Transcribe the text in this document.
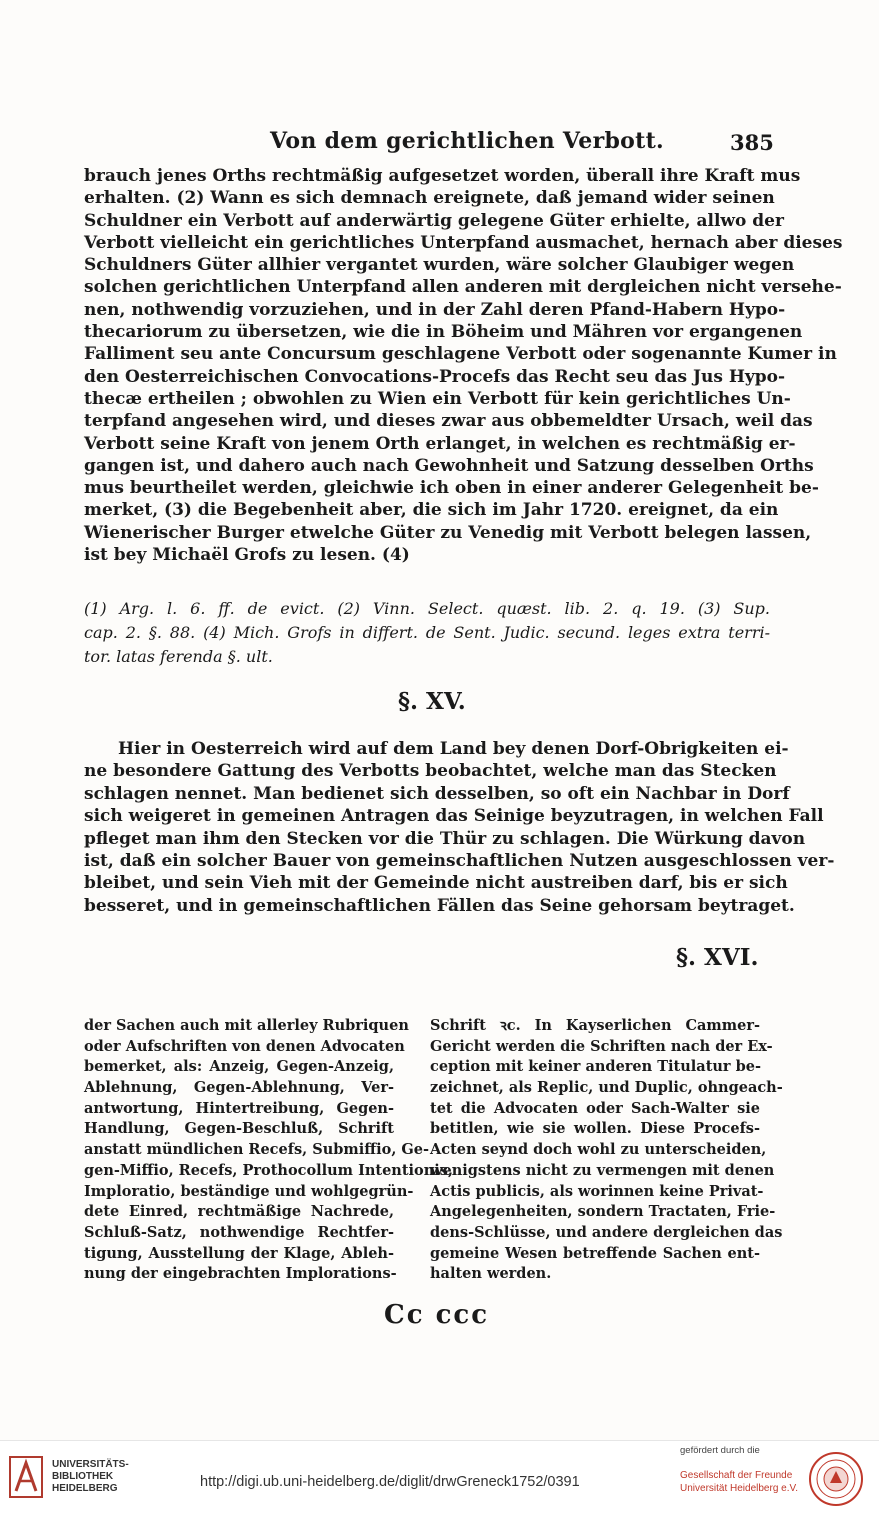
Von dem gerichtlichen Verbott.	385
brauch jenes Orths rechtmäßig aufgesetzet worden, überall ihre Kraft mus
erhalten. (2) Wann es sich demnach ereignete, daß jemand wider seinen
Schuldner ein Verbott auf anderwärtig gelegene Güter erhielte, allwo der
Verbott vielleicht ein gerichtliches Unterpfand ausmachet, hernach aber dieses
Schuldners Güter allhier vergantet wurden, wäre solcher Glaubiger wegen
solchen gerichtlichen Unterpfand allen anderen mit dergleichen nicht versehe-
nen, nothwendig vorzuziehen, und in der Zahl deren Pfand-Habern Hypo-
thecariorum zu übersetzen, wie die in Böheim und Mähren vor ergangenen
Falliment seu ante Concursum geschlagene Verbott oder sogenannte Kumer in
den Oesterreichischen Convocations-Procefs das Recht seu das Jus Hypo-
thecæ ertheilen ; obwohlen zu Wien ein Verbott für kein gerichtliches Un-
terpfand angesehen wird, und dieses zwar aus obbemeldter Ursach, weil das
Verbott seine Kraft von jenem Orth erlanget, in welchen es rechtmäßig er-
gangen ist, und dahero auch nach Gewohnheit und Satzung desselben Orths
mus beurtheilet werden, gleichwie ich oben in einer anderer Gelegenheit be-
merket, (3) die Begebenheit aber, die sich im Jahr 1720. ereignet, da ein
Wienerischer Burger etwelche Güter zu Venedig mit Verbott belegen lassen,
ist bey Michaël Grofs zu lesen. (4)
(1) Arg. l. 6. ff. de evict. (2) Vinn. Select. quæst. lib. 2. q. 19. (3) Sup.
cap. 2. §. 88. (4) Mich. Grofs in differt. de Sent. Judic. secund. leges extra terri-
tor. latas ferenda §. ult.
§. XV.
Hier in Oesterreich wird auf dem Land bey denen Dorf-Obrigkeiten ei-
ne besondere Gattung des Verbotts beobachtet, welche man das Stecken
schlagen nennet. Man bedienet sich desselben, so oft ein Nachbar in Dorf
sich weigeret in gemeinen Antragen das Seinige beyzutragen, in welchen Fall
pfleget man ihm den Stecken vor die Thür zu schlagen. Die Würkung davon
ist, daß ein solcher Bauer von gemeinschaftlichen Nutzen ausgeschlossen ver-
bleibet, und sein Vieh mit der Gemeinde nicht austreiben darf, bis er sich
besseret, und in gemeinschaftlichen Fällen das Seine gehorsam beytraget.
§. XVI.
der Sachen auch mit allerley Rubriquen
oder Aufschriften von denen Advocaten
bemerket, als: Anzeig, Gegen-Anzeig,
Ablehnung, Gegen-Ablehnung, Ver-
antwortung, Hintertreibung, Gegen-
Handlung, Gegen-Beschluß, Schrift
anstatt mündlichen Recefs, Submiffio, Ge-
gen-Miffio, Recefs, Prothocollum Intentionis,
Imploratio, beständige und wohlgegrün-
dete Einred, rechtmäßige Nachrede,
Schluß-Satz, nothwendige Rechtfer-
tigung, Ausstellung der Klage, Ableh-
nung der eingebrachten Implorations-
Schrift ꝛc. In Kayserlichen Cammer-
Gericht werden die Schriften nach der Ex-
ception mit keiner anderen Titulatur be-
zeichnet, als Replic, und Duplic, ohngeach-
tet die Advocaten oder Sach-Walter sie
betitlen, wie sie wollen. Diese Procefs-
Acten seynd doch wohl zu unterscheiden,
wenigstens nicht zu vermengen mit denen
Actis publicis, als worinnen keine Privat-
Angelegenheiten, sondern Tractaten, Frie-
dens-Schlüsse, und andere dergleichen das
gemeine Wesen betreffende Sachen ent-
halten werden.
Cc ccc
UNIVERSITÄTS-
BIBLIOTHEK
HEIDELBERG	http://digi.ub.uni-heidelberg.de/diglit/drwGreneck1752/0391
gefördert durch die
Gesellschaft der Freunde
Universität Heidelberg e.V.
